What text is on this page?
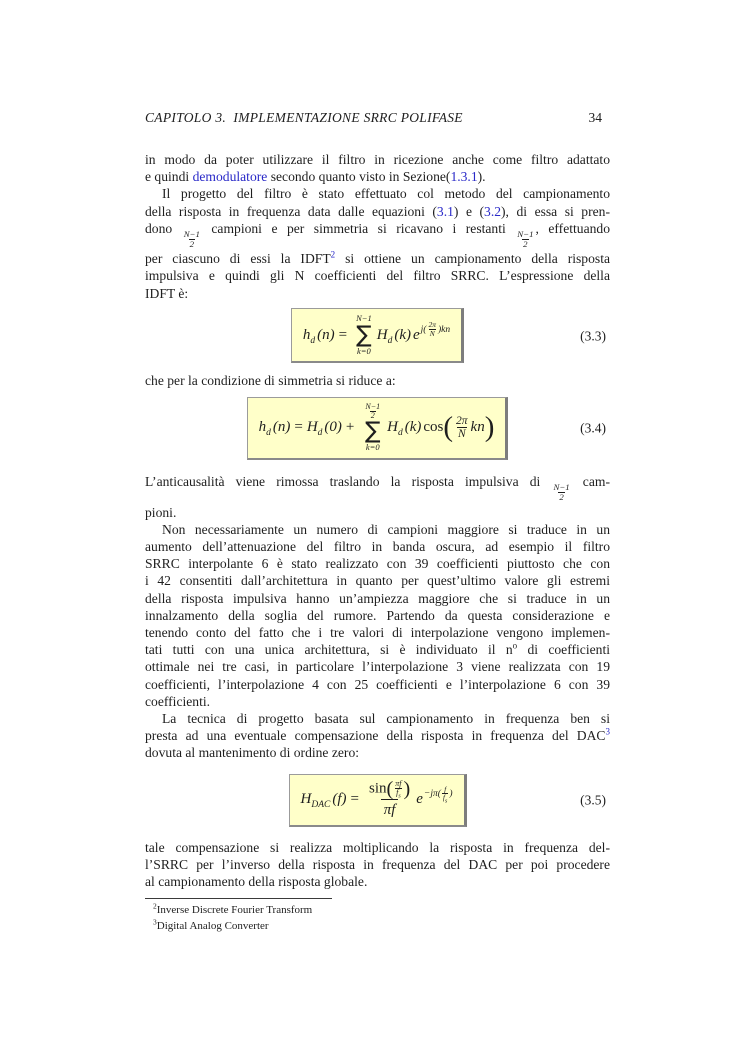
CAPITOLO 3.  IMPLEMENTAZIONE SRRC POLIFASE	34
in modo da poter utilizzare il filtro in ricezione anche come filtro adattato
e quindi demodulatore secondo quanto visto in Sezione(1.3.1).
Il progetto del filtro è stato effettuato col metodo del campionamento
della risposta in frequenza data dalle equazioni (3.1) e (3.2), di essa si pren-
dono
$\frac{N-1}{2}$
campioni e per simmetria si ricavano i restanti
$\frac{N-1}{2}$
, effettuando
per ciascuno di essi la IDFT$^2$ si ottiene un campionamento della risposta
impulsiva e quindi gli N coefficienti del filtro SRRC. L’espressione della
IDFT è:
$h_d$ (n) =
N−1
∑
k=0
$H_d$ (k) $e^{j( \frac{2\pi}{N} )kn}$	(3.3)
che per la condizione di simmetria si riduce a:
$h_d$ $(n) = H_d$ (0) +
$\frac{N-1}{2}$
∑
k=0
$H_d$ (k) $\cos( \frac{2\pi}{N} kn)$	(3.4)
L’anticausalità viene rimossa traslando la risposta impulsiva di
$\frac{N-1}{2}$
cam-
pioni.
Non necessariamente un numero di campioni maggiore si traduce in un
aumento dell’attenuazione del filtro in banda oscura, ad esempio il filtro
SRRC interpolante 6 è stato realizzato con 39 coefficienti piuttosto che con
i 42 consentiti dall’architettura in quanto per quest’ultimo valore gli estremi
della risposta impulsiva hanno un’ampiezza maggiore che si traduce in un
innalzamento della soglia del rumore. Partendo da questa considerazione e
tenendo conto del fatto che i tre valori di interpolazione vengono implemen-
tati tutti con una unica architettura, si è individuato il $n^o$ di coefficienti
ottimale nei tre casi, in particolare l’interpolazione 3 viene realizzata con 19
coefficienti, l’interpolazione 4 con 25 coefficienti e l’interpolazione 6 con 39
coefficienti.
La tecnica di progetto basata sul campionamento in frequenza ben si
presta ad una eventuale compensazione della risposta in frequenza del DAC$^3$
dovuta al mantenimento di ordine zero:
$H_{DAC}$ (f) =
$\sin( \frac{\pi f}{f_s}$ )
πf
$e^{-j\pi( \frac{f}{f_s} )}$	(3.5)
tale compensazione si realizza moltiplicando la risposta in frequenza del-
l’SRRC per l’inverso della risposta in frequenza del DAC per poi procedere
al campionamento della risposta globale.
$^2$Inverse Discrete Fourier Transform
$^3$Digital Analog Converter
